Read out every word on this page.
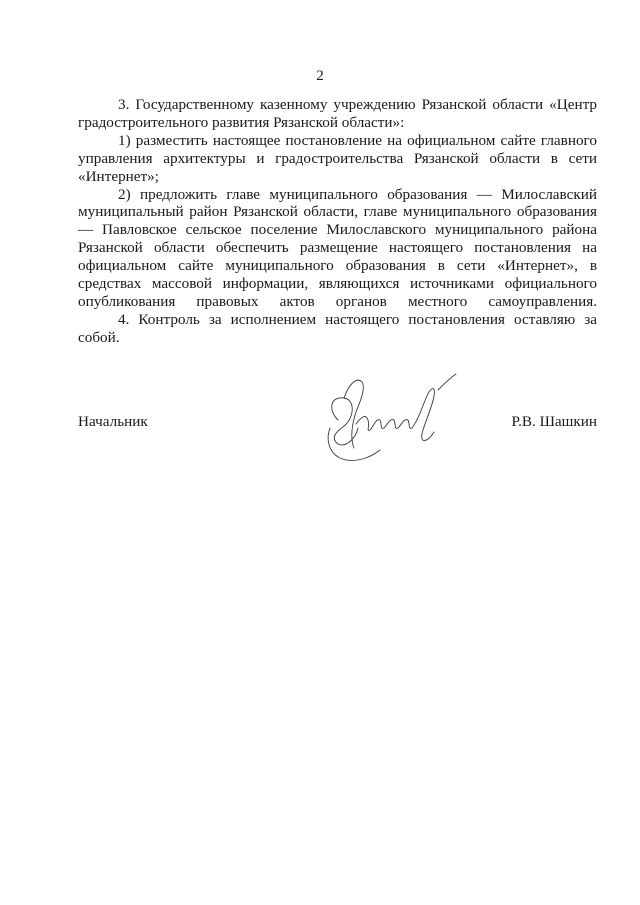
2

3. Государственному казенному учреждению Рязанской области «Центр градостроительного развития Рязанской области»:

1) разместить настоящее постановление на официальном сайте главного управления архитектуры и градостроительства Рязанской области в сети «Интернет»;

2) предложить главе муниципального образования — Милославский муниципальный район Рязанской области, главе муниципального образования — Павловское сельское поселение Милославского муниципального района Рязанской области обеспечить размещение настоящего постановления на официальном сайте муниципального образования в сети «Интернет», в средствах массовой информации, являющихся источниками официального опубликования правовых актов органов местного самоуправления.

4. Контроль за исполнением настоящего постановления оставляю за собой.

Начальник	Р.В. Шашкин
